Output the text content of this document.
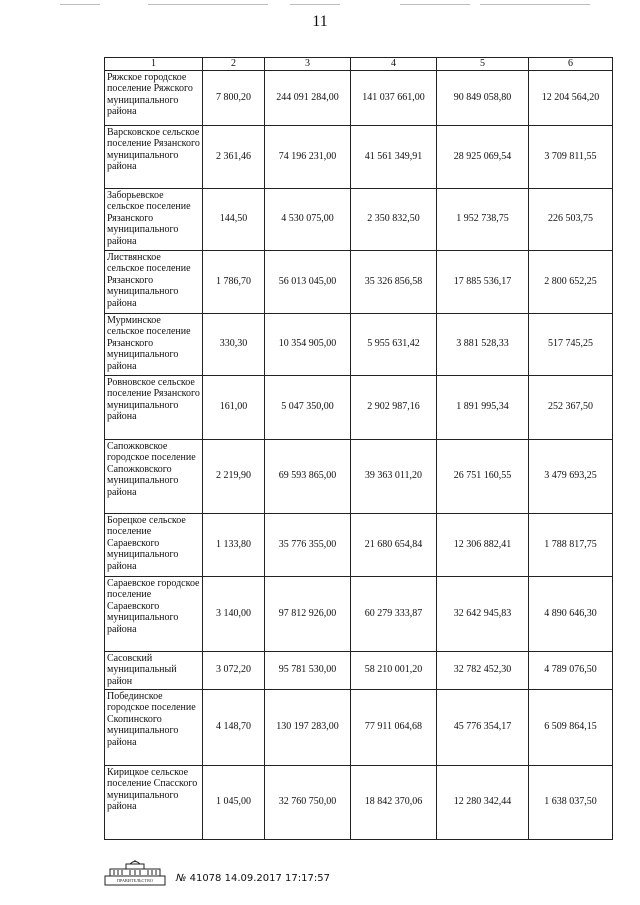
11
1	2	3	4	5	6
Ряжское городское поселение Ряжского муниципального района	7 800,20	244 091 284,00	141 037 661,00	90 849 058,80	12 204 564,20
Варсковское сельское поселение Рязанского муниципального района	2 361,46	74 196 231,00	41 561 349,91	28 925 069,54	3 709 811,55
Заборьевское сельское поселение Рязанского муниципального района	144,50	4 530 075,00	2 350 832,50	1 952 738,75	226 503,75
Листвянское сельское поселение Рязанского муниципального района	1 786,70	56 013 045,00	35 326 856,58	17 885 536,17	2 800 652,25
Мурминское сельское поселение Рязанского муниципального района	330,30	10 354 905,00	5 955 631,42	3 881 528,33	517 745,25
Ровновское сельское поселение Рязанского муниципального района	161,00	5 047 350,00	2 902 987,16	1 891 995,34	252 367,50
Сапожковское городское поселение Сапожковского муниципального района	2 219,90	69 593 865,00	39 363 011,20	26 751 160,55	3 479 693,25
Борецкое сельское поселение Сараевского муниципального района	1 133,80	35 776 355,00	21 680 654,84	12 306 882,41	1 788 817,75
Сараевское городское поселение Сараевского муниципального района	3 140,00	97 812 926,00	60 279 333,87	32 642 945,83	4 890 646,30
Сасовский муниципальный район	3 072,20	95 781 530,00	58 210 001,20	32 782 452,30	4 789 076,50
Побединское городское поселение Скопинского муниципального района	4 148,70	130 197 283,00	77 911 064,68	45 776 354,17	6 509 864,15
Кирицкое сельское поселение Спасского муниципального района	1 045,00	32 760 750,00	18 842 370,06	12 280 342,44	1 638 037,50
ПРАВИТЕЛЬСТВО	№ 41078 14.09.2017 17:17:57
